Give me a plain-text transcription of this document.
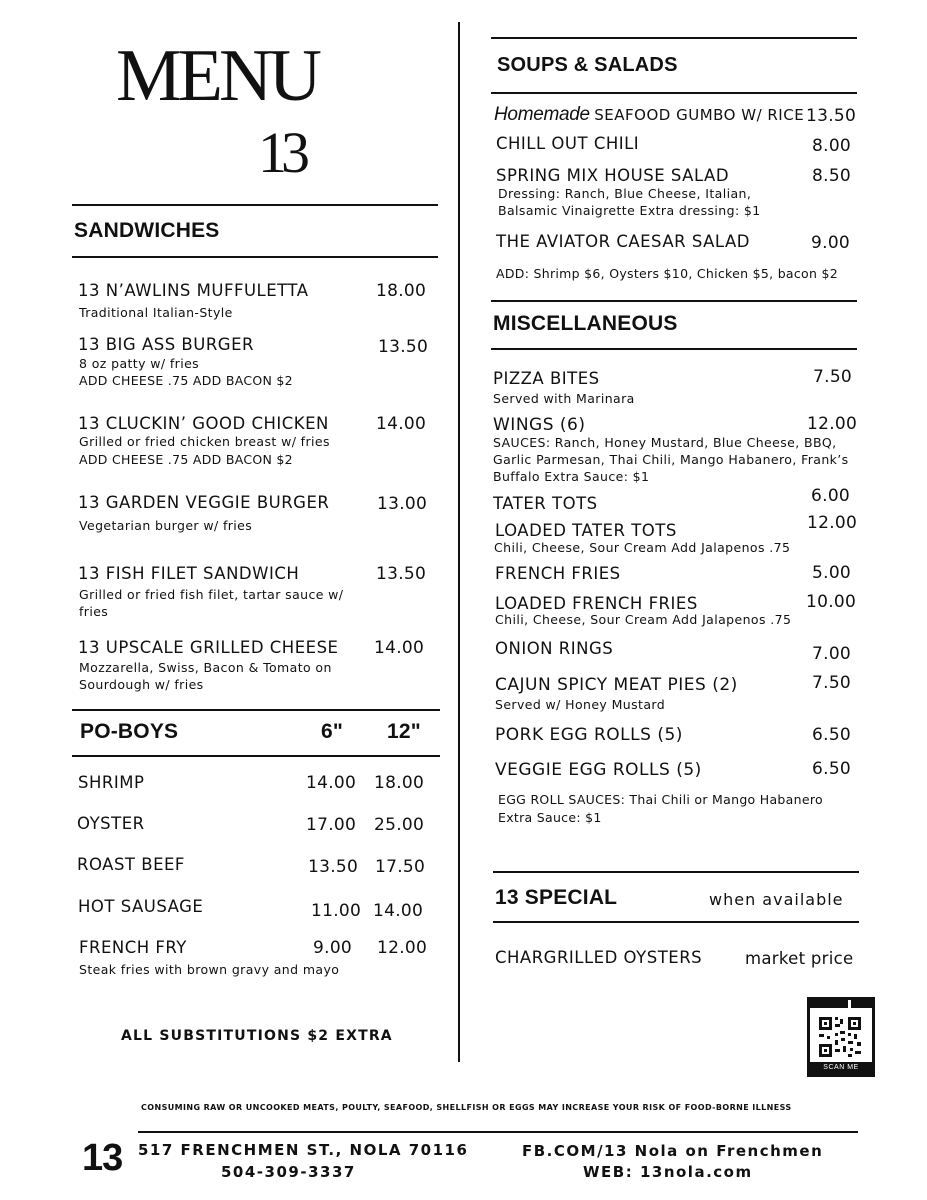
MENU
13
SANDWICHES
13 N’AWLINS MUFFULETTA	18.00
Traditional Italian-Style
13 BIG ASS BURGER	13.50
8 oz patty w/ fries
ADD CHEESE .75 ADD BACON $2
13 CLUCKIN’ GOOD CHICKEN	14.00
Grilled or fried chicken breast w/ fries
ADD CHEESE .75 ADD BACON $2
13 GARDEN VEGGIE BURGER	13.00
Vegetarian burger w/ fries
13 FISH FILET SANDWICH	13.50
Grilled or fried fish filet, tartar sauce w/ fries
13 UPSCALE GRILLED CHEESE 14.00
Mozzarella, Swiss, Bacon & Tomato on Sourdough w/ fries
PO-BOYS	6" 12"
SHRIMP	14.00 18.00
OYSTER	17.00 25.00
ROAST BEEF	13.50 17.50
HOT SAUSAGE	11.00 14.00
FRENCH FRY	9.00 12.00
Steak fries with brown gravy and mayo
ALL SUBSTITUTIONS $2 EXTRA
SOUPS & SALADS
Homemade SEAFOOD GUMBO W/ RICE 13.50
CHILL OUT CHILI	8.00
SPRING MIX HOUSE SALAD	8.50
Dressing: Ranch, Blue Cheese, Italian, Balsamic Vinaigrette Extra dressing: $1
THE AVIATOR CAESAR SALAD	9.00
ADD: Shrimp $6, Oysters $10, Chicken $5, bacon $2
MISCELLANEOUS
PIZZA BITES	7.50
Served with Marinara
WINGS (6)	12.00
SAUCES: Ranch, Honey Mustard, Blue Cheese, BBQ, Garlic Parmesan, Thai Chili, Mango Habanero, Frank’s Buffalo Extra Sauce: $1
TATER TOTS	6.00
LOADED TATER TOTS	12.00
Chili, Cheese, Sour Cream Add Jalapenos .75
FRENCH FRIES	5.00
LOADED FRENCH FRIES	10.00
Chili, Cheese, Sour Cream Add Jalapenos .75
ONION RINGS	7.00
CAJUN SPICY MEAT PIES (2)	7.50
Served w/ Honey Mustard
PORK EGG ROLLS (5)	6.50
VEGGIE EGG ROLLS (5)	6.50
EGG ROLL SAUCES: Thai Chili or Mango Habanero
Extra Sauce: $1
13 SPECIAL	when available
CHARGRILLED OYSTERS	market price
SCAN ME
CONSUMING RAW OR UNCOOKED MEATS, POULTY, SEAFOOD, SHELLFISH OR EGGS MAY INCREASE YOUR RISK OF FOOD-BORNE ILLNESS
13 517 FRENCHMEN ST., NOLA 70116
504-309-3337
FB.COM/13 Nola on Frenchmen
WEB: 13nola.com
